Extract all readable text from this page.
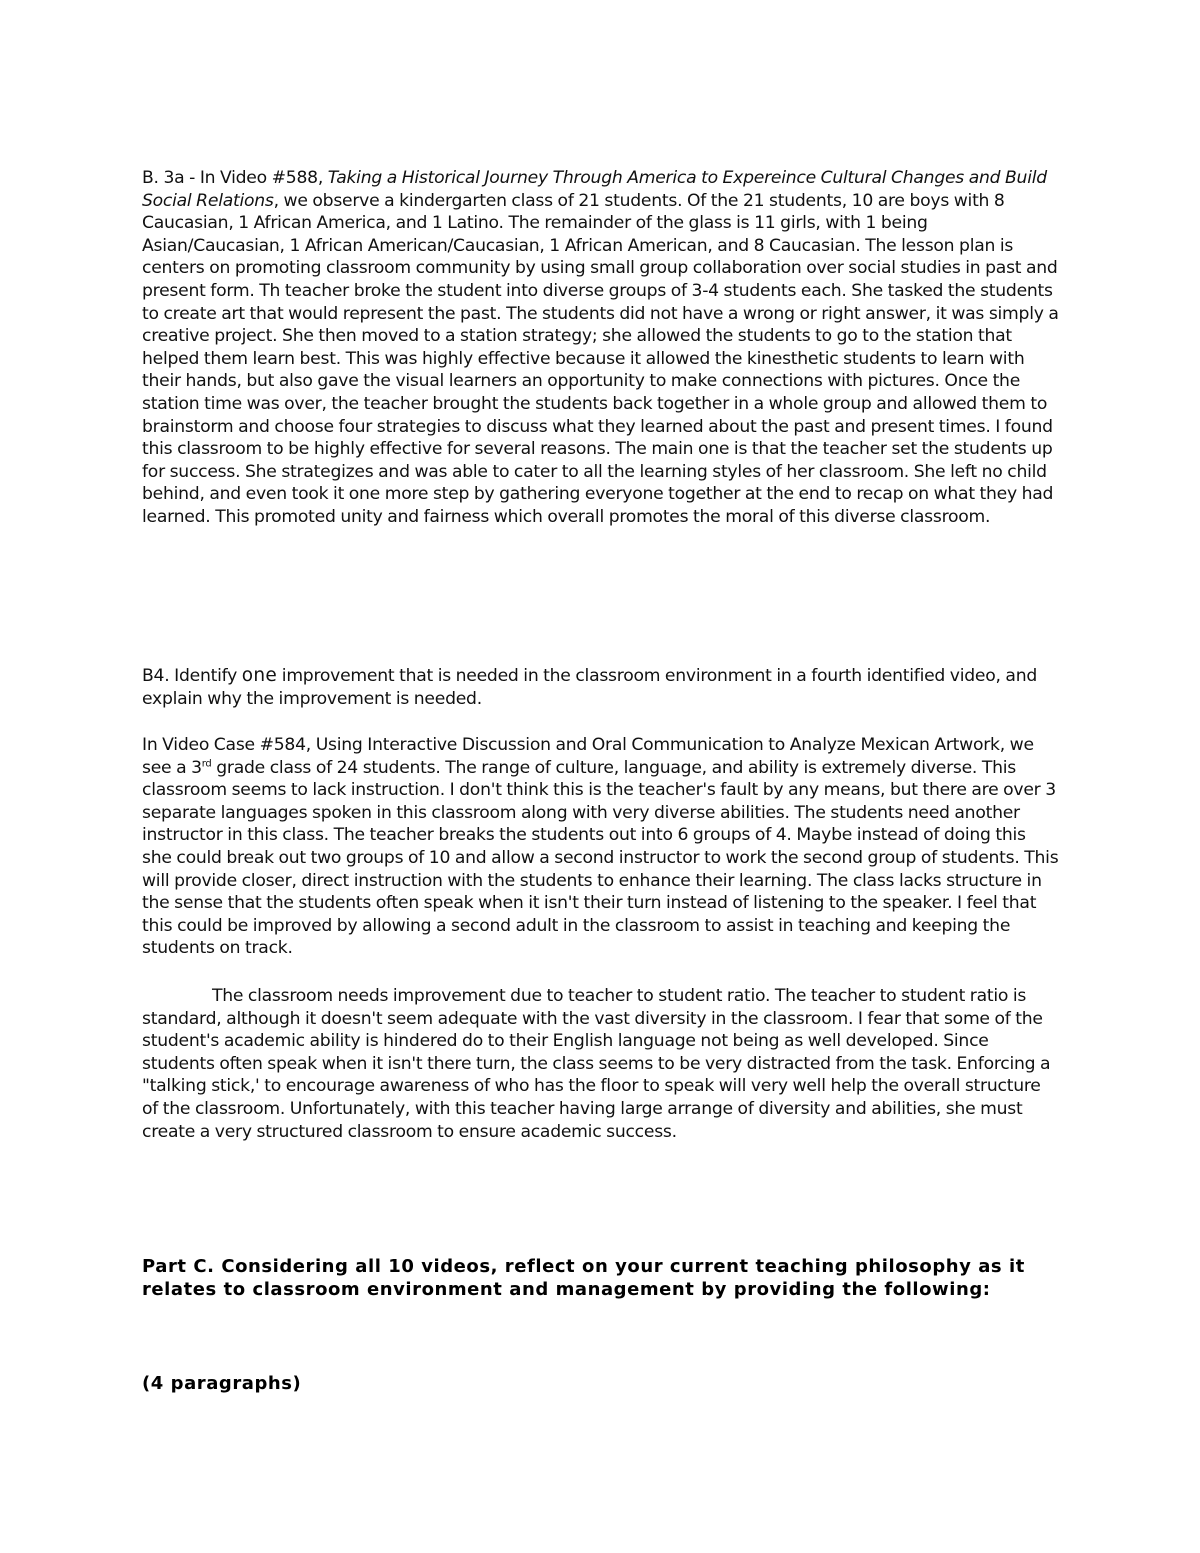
B. 3a - In Video #588, Taking a Historical Journey Through America to Expereince Cultural Changes and Build Social Relations, we observe a kindergarten class of 21 students. Of the 21 students, 10 are boys with 8 Caucasian, 1 African America, and 1 Latino. The remainder of the glass is 11 girls, with 1 being Asian/Caucasian, 1 African American/Caucasian, 1 African American, and 8 Caucasian. The lesson plan is centers on promoting classroom community by using small group collaboration over social studies in past and present form. Th teacher broke the student into diverse groups of 3-4 students each. She tasked the students to create art that would represent the past. The students did not have a wrong or right answer, it was simply a creative project. She then moved to a station strategy; she allowed the students to go to the station that helped them learn best. This was highly effective because it allowed the kinesthetic students to learn with their hands, but also gave the visual learners an opportunity to make connections with pictures. Once the station time was over, the teacher brought the students back together in a whole group and allowed them to brainstorm and choose four strategies to discuss what they learned about the past and present times. I found this classroom to be highly effective for several reasons. The main one is that the teacher set the students up for success. She strategizes and was able to cater to all the learning styles of her classroom. She left no child behind, and even took it one more step by gathering everyone together at the end to recap on what they had learned. This promoted unity and fairness which overall promotes the moral of this diverse classroom.

B4. Identify one improvement that is needed in the classroom environment in a fourth identified video, and explain why the improvement is needed.

In Video Case #584, Using Interactive Discussion and Oral Communication to Analyze Mexican Artwork, we see a 3rd grade class of 24 students. The range of culture, language, and ability is extremely diverse. This classroom seems to lack instruction. I don't think this is the teacher's fault by any means, but there are over 3 separate languages spoken in this classroom along with very diverse abilities. The students need another instructor in this class. The teacher breaks the students out into 6 groups of 4. Maybe instead of doing this she could break out two groups of 10 and allow a second instructor to work the second group of students. This will provide closer, direct instruction with the students to enhance their learning. The class lacks structure in the sense that the students often speak when it isn't their turn instead of listening to the speaker. I feel that this could be improved by allowing a second adult in the classroom to assist in teaching and keeping the students on track.

The classroom needs improvement due to teacher to student ratio. The teacher to student ratio is standard, although it doesn't seem adequate with the vast diversity in the classroom. I fear that some of the student's academic ability is hindered do to their English language not being as well developed. Since students often speak when it isn't there turn, the class seems to be very distracted from the task. Enforcing a "talking stick,' to encourage awareness of who has the floor to speak will very well help the overall structure of the classroom. Unfortunately, with this teacher having large arrange of diversity and abilities, she must create a very structured classroom to ensure academic success.

Part C. Considering all 10 videos, reflect on your current teaching philosophy as it relates to classroom environment and management by providing the following:

(4 paragraphs)
